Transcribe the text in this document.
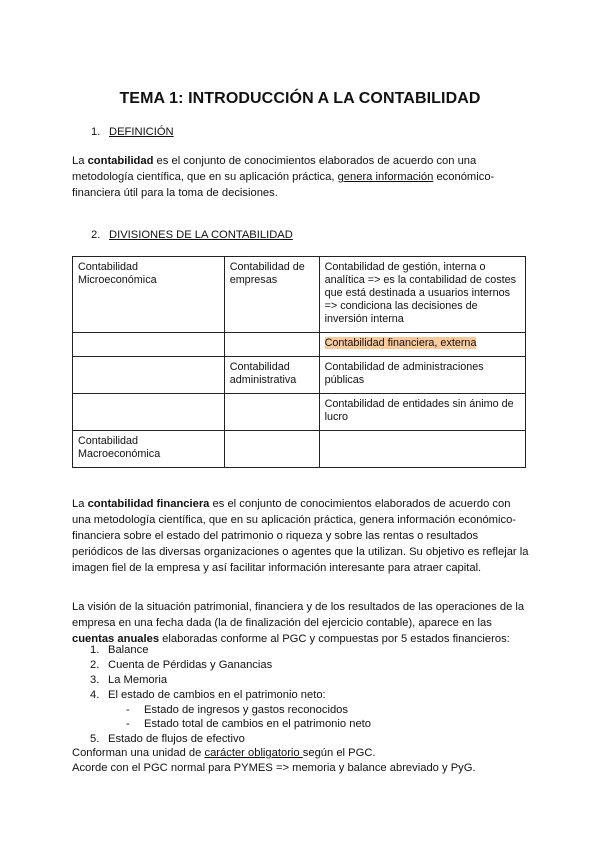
TEMA 1: INTRODUCCIÓN A LA CONTABILIDAD
1. DEFINICIÓN
La contabilidad es el conjunto de conocimientos elaborados de acuerdo con una metodología científica, que en su aplicación práctica, genera información económico-financiera útil para la toma de decisiones.
2. DIVISIONES DE LA CONTABILIDAD
Contabilidad Microeconómica	Contabilidad de empresas	Contabilidad de gestión, interna o analítica => es la contabilidad de costes que está destinada a usuarios internos => condiciona las decisiones de inversión interna
		Contabilidad financiera, externa
	Contabilidad administrativa	Contabilidad de administraciones públicas
		Contabilidad de entidades sin ánimo de lucro
Contabilidad Macroeconómica		
La contabilidad financiera es el conjunto de conocimientos elaborados de acuerdo con una metodología científica, que en su aplicación práctica, genera información económico-financiera sobre el estado del patrimonio o riqueza y sobre las rentas o resultados periódicos de las diversas organizaciones o agentes que la utilizan. Su objetivo es reflejar la imagen fiel de la empresa y así facilitar información interesante para atraer capital.
La visión de la situación patrimonial, financiera y de los resultados de las operaciones de la empresa en una fecha dada (la de finalización del ejercicio contable), aparece en las cuentas anuales elaboradas conforme al PGC y compuestas por 5 estados financieros:
1. Balance
2. Cuenta de Pérdidas y Ganancias
3. La Memoria
4. El estado de cambios en el patrimonio neto:
- Estado de ingresos y gastos reconocidos
- Estado total de cambios en el patrimonio neto
5. Estado de flujos de efectivo
Conforman una unidad de carácter obligatorio según el PGC.
Acorde con el PGC normal para PYMES => memoria y balance abreviado y PyG.
